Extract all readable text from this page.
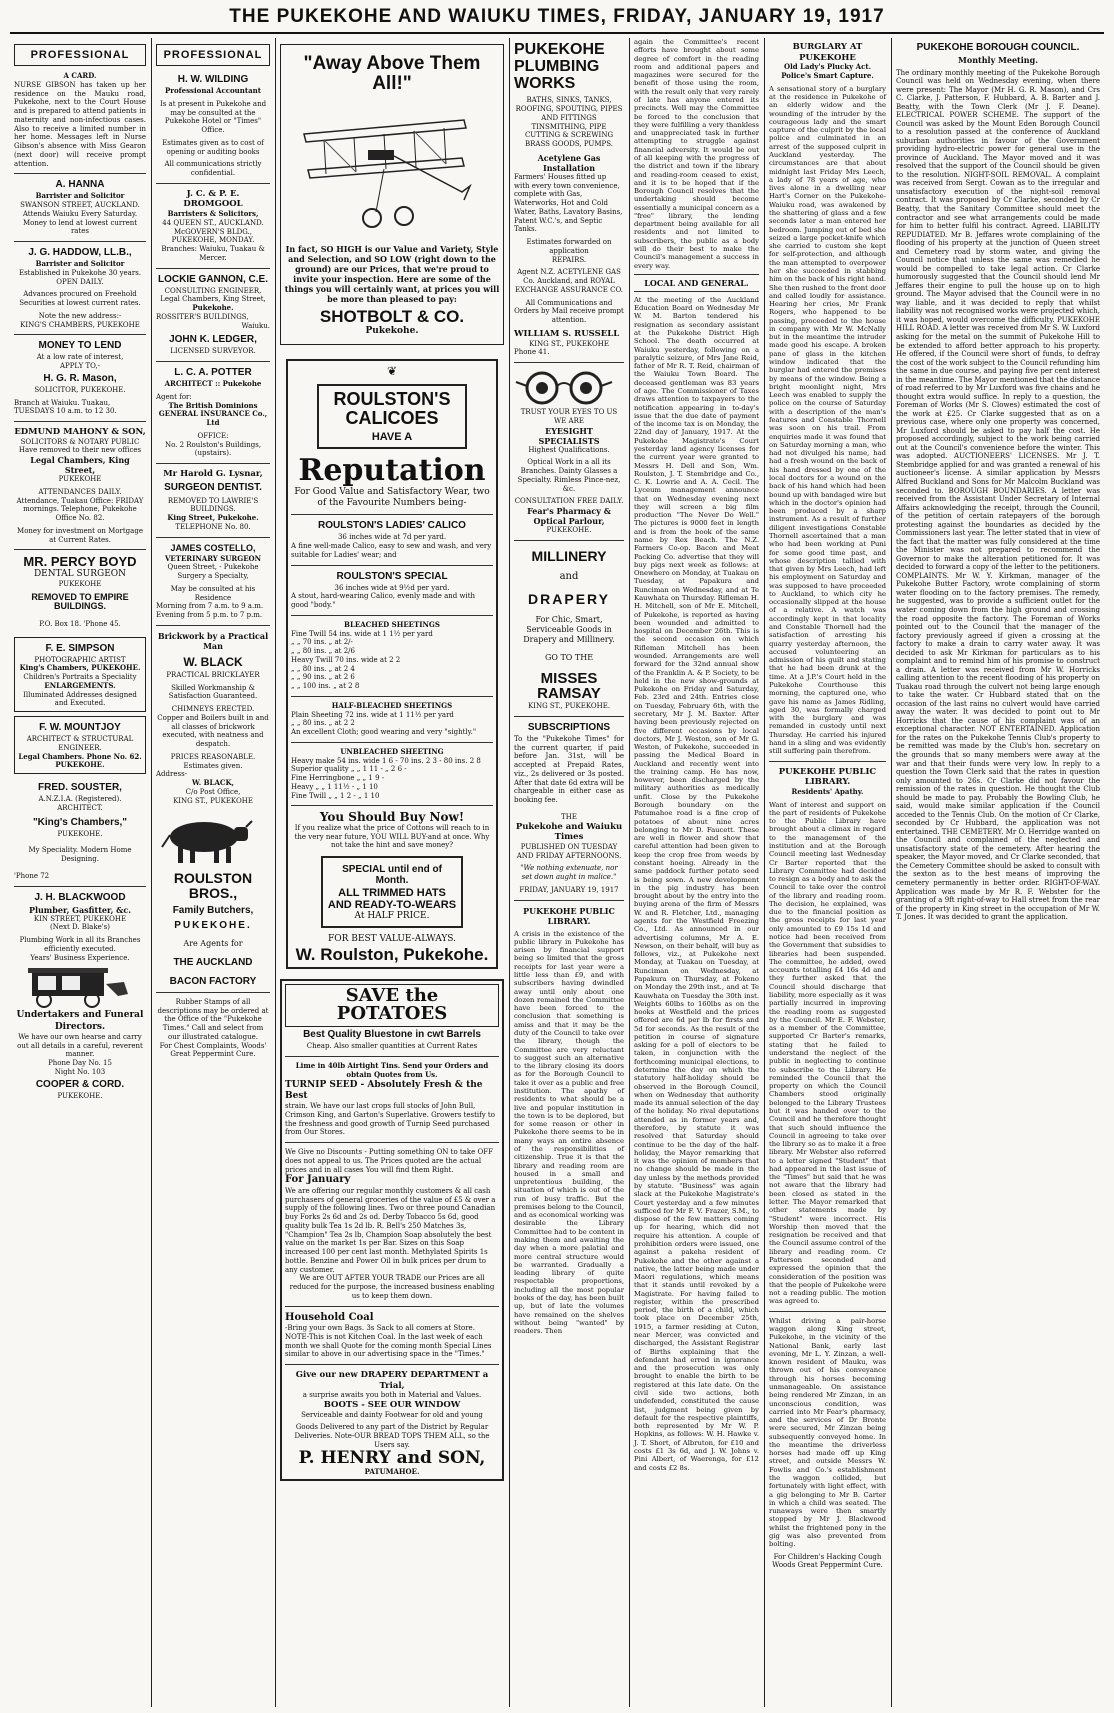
THE PUKEKOHE AND WAIUKU TIMES, FRIDAY, JANUARY 19, 1917
PROFESSIONAL
A CARD.
NURSE GIBSON has taken up her residence on the Mauku road, Pukekohe, next to the Court House and is prepared to attend patients in maternity and non-infectious cases. Also to receive a limited number in her home. Messages left in Nurse Gibson's absence with Miss Gearon (next door) will receive prompt attention.
A. HANNA
Barrister and Solicitor
SWANSON STREET, AUCKLAND.
Attends Waiuku Every Saturday. Money to lend at lowest current rates
J. G. HADDOW, LL.B.,
Barrister and Solicitor
Established in Pukekohe 30 years.
OPEN DAILY.
Advances procured on Freehold Securities at lowest current rates.
Note the new address:-
KING'S CHAMBERS, PUKEKOHE
MONEY TO LEND
At a low rate of interest,
APPLY TO,-
H. G. R. Mason,
SOLICITOR, PUKEKOHE.
Branch at Waiuku. Tuakau, TUESDAYS 10 a.m. to 12 30.
EDMUND MAHONY & SON,
SOLICITORS & NOTARY PUBLIC
Have removed to their new offices
Legal Chambers, King Street,
PUKEKOHE
ATTENDANCES DAILY.
Attendance, Tuakau Office: FRIDAY mornings. Telephone, Pukekohe Office No. 82.
Money for investment on Mortgage at Current Rates.
MR. PERCY BOYD
DENTAL SURGEON
PUKEKOHE
REMOVED TO EMPIRE BUILDINGS.
P.O. Box 18. 'Phone 45.
F. E. SIMPSON
PHOTOGRAPHIC ARTIST
King's Chambers, PUKEKOHE.
Children's Portraits a Speciality
ENLARGEMENTS.
Illuminated Addresses designed and Executed.
F. W. MOUNTJOY
ARCHITECT & STRUCTURAL ENGINEER.
Legal Chambers. Phone No. 62. PUKEKOHE.
FRED. SOUSTER,
A.N.Z.I.A. (Registered).
ARCHITECT.
"King's Chambers,"
PUKEKOHE.
My Speciality. Modern Home Designing.
'Phone 72
J. H. BLACKWOOD
Plumber, Gasfitter, &c.
KIN STREET, PUKEKOHE
(Next D. Blake's)
Plumbing Work in all its Branches efficiently executed.
Years' Business Experience.
Undertakers and Funeral Directors.
We have our own hearse and carry out all details in a careful, reverent manner.
Phone Day No. 15
Night No. 103
COOPER & CORD.
PUKEKOHE.
PROFESSIONAL
H. W. WILDING
Professional Accountant
Is at present in Pukekohe and may be consulted at the Pukekohe Hotel or "Times" Office.
Estimates given as to cost of opening or auditing books
All communications strictly confidential.
J. C. & P. E. DROMGOOL
Barristers & Solicitors,
44 QUEEN ST., AUCKLAND.
McGOVERN'S BLDG., PUKEKOHE, MONDAY.
Branches: Waiuku, Tuakau & Mercer.
LOCKIE GANNON, C.E.
CONSULTING ENGINEER,
Legal Chambers, King Street,
Pukekohe.
ROSSITER'S BUILDINGS,
Waiuku.
JOHN K. LEDGER,
LICENSED SURVEYOR.
L. C. A. POTTER
ARCHITECT :: Pukekohe
Agent for:
The British Dominions GENERAL INSURANCE Co., Ltd
OFFICE:
No. 2 Roulston's Buildings, (upstairs).
Mr Harold G. Lysnar,
SURGEON DENTIST.
REMOVED TO LAWRIE'S BUILDINGS.
King Street, Pukekohe.
TELEPHONE No. 80.
JAMES COSTELLO,
VETERINARY SURGEON
Queen Street, - Pukekohe
Surgery a Specialty,
May be consulted at his Residence
Morning from 7 a.m. to 9 a.m.
Evening from 5 p.m. to 7 p.m.
Brickwork by a Practical Man
W. BLACK
PRACTICAL BRICKLAYER
Skilled Workmanship & Satisfaction Guaranteed.
CHIMNEYS ERECTED.
Copper and Boilers built in and all classes of brickwork executed, with neatness and despatch.
PRICES REASONABLE.
Estimates given.
Address-
W. BLACK,
C/o Post Office,
KING ST., PUKEKOHE
ROULSTON BROS.,
Family Butchers,
PUKEKOHE.
Are Agents for
THE AUCKLAND
BACON FACTORY
Rubber Stamps of all descriptions may be ordered at the Office of the "Pukekohe Times." Call and select from our illustrated catalogue.
For Chest Complaints, Woods' Great Peppermint Cure.
"Away Above Them All!"
In fact, SO HIGH is our Value and Variety, Style and Selection, and SO LOW (right down to the ground) are our Prices, that we're proud to invite your inspection. Here are some of the things you will certainly want, at prices you will be more than pleased to pay:
SHOTBOLT & CO.
Pukekohe.
❦
ROULSTON'S
CALICOES
HAVE A
Reputation
For Good Value and Satisfactory Wear, two of the Favourite Numbers being-
ROULSTON'S LADIES' CALICO
36 inches wide at 7d per yard.
A fine well-made Calico, easy to sew and wash, and very suitable for Ladies' wear; and
ROULSTON'S SPECIAL
36 inches wide at 9½d per yard.
A stout, hard-wearing Calico, evenly made and with good "body."
BLEACHED SHEETINGS
Fine Twill 54 ins. wide at 1 1½ per yard
„ „ 70 ins. „ at 2/-
„ „ 80 ins. „ at 2/6
Heavy Twill 70 ins. wide at 2 2
„ „ 80 ins. „ at 2 4
„ „ 90 ins. „ at 2 6
„ „ 100 ins. „ at 2 8
HALF-BLEACHED SHEETINGS
Plain Sheeting 72 ins. wide at 1 11½ per yard
„ „ 80 ins. „ at 2 2
An excellent Cloth; good wearing and very "sightly."
UNBLEACHED SHEETING
Heavy make 54 ins. wide 1 6 - 70 ins. 2 3 - 80 ins. 2 8
Superior quality „ „ 1 11 - „ 2 6 -
Fine Herringbone „ „ 1 9 -
Heavy „ „ 1 11½ - „ 1 10
Fine Twill „ „ 1 2 - „ 1 10
You Should Buy Now!
If you realize what the price of Cottons will reach to in the very near future, YOU WILL BUY-and at once. Why not take the hint and save money?
SPECIAL until end of Month.
ALL TRIMMED HATS AND READY-TO-WEARS
At HALF PRICE.
FOR BEST VALUE-ALWAYS.
W. Roulston, Pukekohe.
SAVE the POTATOES
Best Quality Bluestone in cwt Barrels
Cheap. Also smaller quantities at Current Rates
Lime in 40lb Airtight Tins. Send your Orders and obtain Quotes from Us.
TURNIP SEED - Absolutely Fresh & the Best
strain. We have our last crops full stocks of John Bull, Crimson King, and Garton's Superlative. Growers testify to the freshness and good growth of Turnip Seed purchased from Our Stores.
We Give no Discounts - Putting something ON to take OFF does not appeal to us. The Prices quoted are the actual prices and in all cases You will find them Right.
For January
We are offering our regular monthly customers & all cash purchasers of general groceries of the value of £5 & over a supply of the following lines. Two or three pound Canadian buy Forks 2s 6d and 2s od. Derby Tobacco 5s 6d, good quality bulk Tea 1s 2d lb. R. Bell's 250 Matches 3s, "Champion" Tea 2s lb, Champion Soap absolutely the best value on the market 1s per Bar. Sizes on this Soap increased 100 per cent last month. Methylated Spirits 1s bottle. Benzine and Power Oil in bulk prices per drum to any customer.
We are OUT AFTER YOUR TRADE our Prices are all reduced for the purpose, the increased business enabling us to keep them down.
Household Coal
-Bring your own Bags. 3s Sack to all comers at Store.
NOTE-This is not Kitchen Coal. In the last week of each month we shall Quote for the coming month Special Lines similar to above in our advertising space in the "Times."
Give our new DRAPERY DEPARTMENT a Trial,
a surprise awaits you both in Material and Values.
BOOTS - SEE OUR WINDOW
Serviceable and dainty Footwear for old and young
Goods Delivered to any part of the District by Regular Deliveries. Note-OUR BREAD TOPS THEM ALL, so the Users say.
P. HENRY and SON,
PATUMAHOE.
PUKEKOHE PLUMBING WORKS
BATHS, SINKS, TANKS, ROOFING, SPOUTING, PIPES AND FITTINGS TINSMITHING, PIPE CUTTING & SCREWING BRASS GOODS, PUMPS.
Acetylene Gas Installation
Farmers' Houses fitted up with every town convenience, complete with Gas, Waterworks, Hot and Cold Water, Baths, Lavatory Basins, Patent W.C.'s, and Septic Tanks.
Estimates forwarded on application
REPAIRS.
Agent N.Z. ACETYLENE GAS Co. Auckland, and ROYAL EXCHANGE ASSURANCE CO.
All Communications and Orders by Mail receive prompt attention.
WILLIAM S. RUSSELL
KING ST., PUKEKOHE
Phone 41.
TRUST YOUR EYES TO US
WE ARE
EYESIGHT SPECIALISTS
Highest Qualifications.
Optical Work in a all its Branches. Dainty Glasses a Specialty. Rimless Pince-nez, &c.
CONSULTATION FREE DAILY.
Fear's Pharmacy & Optical Parlour,
PUKEKOHE.
MILLINERY
and
DRAPERY
For Chic, Smart, Serviceable Goods in Drapery and Millinery.
GO TO THE
MISSES RAMSAY
KING ST., PUKEKOHE.
SUBSCRIPTIONS
To the "Pukekohe Times" for the current quarter, if paid before Jan. 31st, will be accepted at Prepaid Rates, viz., 2s delivered or 3s posted. After that date 6d extra will be chargeable in either case as booking fee.
THE
Pukekohe and Waiuku Times
PUBLISHED ON TUESDAY AND FRIDAY AFTERNOONS.
"We nothing extenuate, nor set down aught in malice."
FRIDAY, JANUARY 19, 1917
PUKEKOHE PUBLIC LIBRARY.
A crisis in the existence of the public library in Pukekohe has arisen by financial support being so limited that the gross receipts for last year were a little less than £9, and with subscribers having dwindled away until only about one dozen remained the Committee have been forced to the conclusion that something is amiss and that it may be the duty of the Council to take over the library, though the Committee are very reluctant to suggest such an alternative to the library closing its doors as for the Borough Council to take it over as a public and free institution. The apathy of residents to what should be a live and popular institution in the town is to be deplored, but for some reason or other in Pukekohe there seems to be in many ways an entire absence of the responsibilities of citizenship. True it is that the library and reading room are housed in a small and unpretentious building, the situation of which is out of the run of busy traffic. But the premises belong to the Council, and as economical working was desirable the Library Committee had to be content in making them and awaiting the day when a more palatial and more central structure would be warranted. Gradually a leading library of quite respectable proportions, including all the most popular books of the day, has been built up, but of late the volumes have remained on the shelves without being "wanted" by readers. Then
again the Committee's recent efforts have brought about some degree of comfort in the reading room and additional papers and magazines were secured for the benefit of those using the room, with the result only that very rarely of late has anyone entered its precincts. Well may the Committee be forced to the conclusion that they were fulfilling a very thankless and unappreciated task in further attempting to struggle against financial adversity. It would be out of all keeping with the progress of the district and town if the library and reading-room ceased to exist, and it is to be hoped that if the Borough Council resolves that the undertaking should become essentially a municipal concern as a "free" library, the lending department being available for all residents and not limited to subscribers, the public as a body will do their best to make the Council's management a success in every way.
LOCAL AND GENERAL.
At the meeting of the Auckland Education Board on Wednesday Mr W. M. Barton tendered his resignation as secondary assistant at the Pukekohe District High School. The death occurred at Waiuku yesterday, following on a paralytic seizure, of Mrs Jane Reid, father of Mr R. T. Reid, chairman of the Waiuku Town Board. The deceased gentleman was 83 years of age. The Commissioner of Taxes draws attention to taxpayers to the notification appearing in to-day's issue that the due date of payment of the income tax is on Monday, the 22nd day of January, 1917. At the Pukekohe Magistrate's Court yesterday land agency licenses for the current year were granted to Messrs H. Dell and Son, Wm. Roulston, J. T. Stembridge and Co., C. K. Lowrie and A. A. Cecil. The Lyceum management announce that on Wednesday evening next they will screen a big film production "The Never Do Well." The pictures is 9000 feet in length and is from the book of the same name by Rex Beach. The N.Z. Farmers Co-op. Bacon and Meat Packing Co. advertise that they will buy pigs next week as follows: at Onewhero on Monday, at Tuakau on Tuesday, at Papakura and Runciman on Wednesday, and at Te Kauwhata on Thursday. Rifleman H. H. Mitchell, son of Mr E. Mitchell, of Pukekohe, is reported as having been wounded and admitted to hospital on December 26th. This is the second occasion on which Rifleman Mitchell has been wounded. Arrangements are well forward for the 32nd annual show of the Franklin A. & P. Society, to be held in the new show-grounds at Pukekohe on Friday and Saturday, Feb. 23rd and 24th. Entries close on Tuesday, February 6th, with the secretary, Mr J. M. Baxter. After having been previously rejected on five different occasions by local doctors, Mr J. Weston, son of Mr G. Weston, of Pukekohe, succeeded in passing the Medical Board in Auckland and recently went into the training camp. He has now, however, been discharged by the military authorities as medically unfit. Close by the Pukekohe Borough boundary on the Patumahoe road is a fine crop of potatoes of about nine acres belonging to Mr D. Faucett. These are well in flower and show that careful attention had been given to keep the crop free from weeds by constant hoeing. Already in the same paddock further potato seed is being sown. A new development in the pig industry has been brought about by the entry into the buying arena of the firm of Messrs W. and R. Fletcher, Ltd., managing agents for the Westfield Freezing Co., Ltd. As announced in our advertising columns, Mr A. E. Newson, on their behalf, will buy as follows, viz., at Pukekohe next Monday, at Tuakau on Tuesday, at Runciman on Wednesday, at Papakura on Thursday, at Pokeno on Monday the 29th inst., and at Te Kauwhata on Tuesday the 30th inst. Weights 60lbs to 160lbs as on the hooks at Westfield and the prices offered are 6d per lb for firsts and 5d for seconds. As the result of the petition in course of signature asking for a poll of electors to be taken, in conjunction with the forthcoming municipal elections, to determine the day on which the statutory half-holiday should be observed in the Borough Council, when on Wednesday that authority made its annual selection of the day of the holiday. No rival deputations attended as in former years and, therefore, by statute it was resolved that Saturday should continue to be the day of the half-holiday, the Mayor remarking that it was the opinion of members that no change should be made in the day unless by the methods provided by statute. "Business" was again slack at the Pukekohe Magistrate's Court yesterday and a few minutes sufficed for Mr F. V. Frazer, S.M., to dispose of the few matters coming up for hearing, which did not require his attention. A couple of prohibition orders were issued, one against a pakeha resident of Pukekohe and the other against a native, the latter being made under Maori regulations, which means that it stands until revoked by a Magistrate. For having failed to register, within the prescribed period, the birth of a child, which took place on December 25th, 1915, a farmer residing at Cuton, near Mercer, was convicted and discharged, the Assistant Registrar of Births explaining that the defendant had erred in ignorance and the prosecution was only brought to enable the birth to be registered at this late date. On the civil side two actions, both undefended, constituted the cause list, judgment being given by default for the respective plaintiffs, both represented by Mr W. P. Hopkins, as follows: W. H. Hawke v. J. T. Short, of Albruton, for £10 and costs £1 3s 6d, and J. W. Johns v. Pini Albert, of Waerenga, for £12 and costs £2 8s.
BURGLARY AT PUKEKOHE
Old Lady's Plucky Act.
Police's Smart Capture.
A sensational story of a burglary at the residence in Pukekohe of an elderly widow and the wounding of the intruder by the courageous lady and the smart capture of the culprit by the local police and culminated in an arrest of the supposed culprit in Auckland yesterday. The circumstances are that about midnight last Friday Mrs Leech, a lady of 78 years of age, who lives alone in a dwelling near Hart's Corner on the Pukekohe-Waiuku road, was awakened by the shattering of glass and a few seconds later a man entered her bedroom. Jumping out of bed she seized a large pocket-knife which she carried to custom she kept for self-protection, and although the man attempted to overpower her she succeeded in stabbing him on the back of his right hand. She then rushed to the front door and called loudly for assistance. Hearing her cries, Mr Frank Rogers, who happened to be passing, proceeded to the house in company with Mr W. McNally but in the meantime the intruder made good his escape. A broken pane of glass in the kitchen window indicated that the burglar had entered the premises by means of the window. Being a bright moonlight night, Mrs Leech was enabled to supply the police on the course of Saturday with a description of the man's features and Constable Thornell was soon on his trail. From enquiries made it was found that on Saturday morning a man, who had not divulged his name, had had a fresh wound on the back of his hand dressed by one of the local doctors for a wound on the back of his hand which had been bound up with bandaged wire but which in the doctor's opinion had been produced by a sharp instrument. As a result of further diligent investigations Constable Thornell ascertained that a man who had been working at Puni for some good time past, and whose description tallied with that given by Mrs Leech, had left his employment on Saturday and was supposed to have proceeded to Auckland, to which city he occasionally slipped at the house of a relative. A watch was accordingly kept in that locality and Constable Thornell had the satisfaction of arresting his quarry yesterday afternoon, the accused volunteering an admission of his guilt and stating that he had been drunk at the time. At a J.P.'s Court held in the Pukekohe Courthouse this morning, the captured one, who gave his name as James Ridling, aged 30, was formally charged with the burglary and was remanded in custody until next Thursday. He carried his injured hand in a sling and was evidently still suffering pain therefrom.
PUKEKOHE PUBLIC LIBRARY.
Residents' Apathy.
Want of interest and support on the part of residents of Pukekohe to the Public Library have brought about a climax in regard to the management of the institution and at the Borough Council meeting last Wednesday Cr Barter reported that the Library Committee had decided to resign as a body and to ask the Council to take over the control of the library and reading room. The decision, he explained, was due to the financial position as the gross receipts for last year only amounted to £9 15s 1d and notice had been received from the Government that subsidies to libraries had been suspended. The committee, he added, owed accounts totalling £4 16s 4d and they further asked that the Council should discharge that liability, more especially as it was partially incurred in improving the reading room as suggested by the Council. Mr E. F. Webster, as a member of the Committee, supported Cr Barter's remarks, stating that he failed to understand the neglect of the public in neglecting to continue to subscribe to the Library. He reminded the Council that the property on which the Council Chambers stood originally belonged to the Library Trustees but it was handed over to the Council and he therefore thought that such should influence the Council in agreeing to take over the library so as to make it a free library. Mr Webster also referred to a letter signed "Student" that had appeared in the last issue of the "Times" but said that he was not aware that the library had been closed as stated in the letter. The Mayor remarked that other statements made by "Student" were incorrect. His Worship then moved that the resignation be received and that the Council assume control of the library and reading room. Cr Patterson seconded and expressed the opinion that the consideration of the position was that the people of Pukekohe were not a reading public. The motion was agreed to.
Whilst driving a pair-horse waggon along King street, Pukekohe, in the vicinity of the National Bank, early last evening, Mr L. Y. Zinzan, a well-known resident of Mauku, was thrown out of his conveyance through his horses becoming unmanageable. On assistance being rendered Mr Zinzan, in an unconscious condition, was carried into Mr Fear's pharmacy, and the services of Dr Bronte were secured, Mr Zinzan being subsequently conveyed home. In the meantime the driverless horses had made off up King street, and outside Messrs W. Fowlis and Co.'s establishment the waggon collided, but fortunately with light effect, with a gig belonging to Mr B. Carter in which a child was seated. The runaways were then smartly stopped by Mr J. Blackwood whilst the frightened pony in the gig was also prevented from bolting.
For Children's Hacking Cough Woods Great Peppermint Cure.
PUKEKOHE BOROUGH COUNCIL.
Monthly Meeting.
The ordinary monthly meeting of the Pukekohe Borough Council was held on Wednesday evening, when there were present: The Mayor (Mr H. G. R. Mason), and Crs C. Clarke, J. Patterson, F. Hubbard, A. B. Barter and J. Beatty, with the Town Clerk (Mr J. F. Deane). ELECTRICAL POWER SCHEME. The support of the Council was asked by the Mount Eden Borough Council to a resolution passed at the conference of Auckland suburban authorities in favour of the Government providing hydro-electric power for general use in the province of Auckland. The Mayor moved and it was resolved that the support of the Council should be given to the resolution. NIGHT-SOIL REMOVAL. A complaint was received from Sergt. Cowan as to the irregular and unsatisfactory execution of the night-soil removal contract. It was proposed by Cr Clarke, seconded by Cr Beatty, that the Sanitary Committee should meet the contractor and see what arrangements could be made for him to better fulfil his contract. Agreed. LIABILITY REPUDIATED. Mr B. Jeffares wrote complaining of the flooding of his property at the junction of Queen street and Cemetery road by storm water, and giving the Council notice that unless the same was remedied he would be compelled to take legal action. Cr Clarke humorously suggested that the Council should lend Mr Jeffares their engine to pull the house up on to high ground. The Mayor advised that the Council were in no way liable, and it was decided to reply that whilst liability was not recognised works were projected which, it was hoped, would overcome the difficulty. PUKEKOHE HILL ROAD. A letter was received from Mr S. W. Luxford asking for the metal on the summit of Pukekohe Hill to be extended to afford better approach to his property. He offered, if the Council were short of funds, to defray the cost of the work subject to the Council refunding him the same in due course, and paying five per cent interest in the meantime. The Mayor mentioned that the distance of road referred to by Mr Luxford was five chains and he thought extra would suffice. In reply to a question, the Foreman of Works (Mr S. Clowes) estimated the cost of the work at £25. Cr Clarke suggested that as on a previous case, where only one property was concerned, Mr Luxford should be asked to pay half the cost. He proposed accordingly, subject to the work being carried out at the Council's convenience before the winter. This was adopted. AUCTIONEERS' LICENSES. Mr J. T. Stembridge applied for and was granted a renewal of his auctioneer's license. A similar application by Messrs Alfred Buckland and Sons for Mr Malcolm Buckland was seconded to. BOROUGH BOUNDARIES. A letter was received from the Assistant Under Secretary of Internal Affairs acknowledging the receipt, through the Council, of the petition of certain ratepayers of the borough protesting against the boundaries as decided by the Commissioners last year. The letter stated that in view of the fact that the matter was fully considered at the time the Minister was not prepared to recommend the Governor to make the alteration petitioned for. It was decided to forward a copy of the letter to the petitioners. COMPLAINTS. Mr W. Y. Kirkman, manager of the Pukekohe Butter Factory, wrote complaining of storm water flooding on to the factory premises. The remedy, he suggested, was to provide a sufficient outlet for the water coming down from the high ground and crossing the road opposite the factory. The Foreman of Works pointed out to the Council that the manager of the factory previously agreed if given a crossing at the factory to make a drain to carry water away. It was decided to ask Mr Kirkman for particulars as to his complaint and to remind him of his promise to construct a drain. A letter was received from Mr W. Horricks calling attention to the recent flooding of his property on Tuakau road through the culvert not being large enough to take the water. Cr Hubbard stated that on the occasion of the last rains no culvert would have carried away the water. It was decided to point out to Mr Horricks that the cause of his complaint was of an exceptional character. NOT ENTERTAINED. Application for the rates on the Pukekohe Tennis Club's property to be remitted was made by the Club's hon. secretary on the grounds that so many members were away at the war and that their funds were very low. In reply to a question the Town Clerk said that the rates in question only amounted to 26s. Cr Clarke did not favour the remission of the rates in question. He thought the Club should be made to pay. Probably the Bowling Club, he said, would make similar application if the Council acceded to the Tennis Club. On the motion of Cr Clarke, seconded by Cr Hubbard, the application was not entertained. THE CEMETERY. Mr O. Herridge wanted on the Council and complained of the neglected and unsatisfactory state of the cemetery. After hearing the speaker, the Mayor moved, and Cr Clarke seconded, that the Cemetery Committee should be asked to consult with the sexton as to the best means of improving the cemetery permanently in better order. RIGHT-OF-WAY. Application was made by Mr R. F. Webster for the granting of a 9ft right-of-way to Hall street from the rear of the property in King street in the occupation of Mr W. T. Jones. It was decided to grant the application.
